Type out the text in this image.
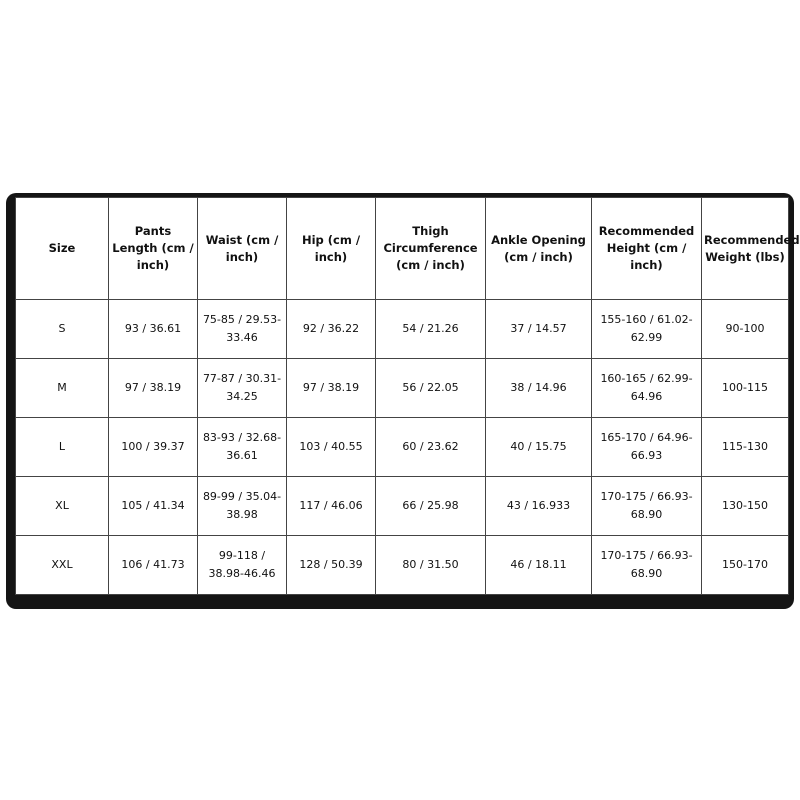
Size	Pants Length (cm / inch)	Waist (cm / inch)	Hip (cm / inch)	Thigh Circumference (cm / inch)	Ankle Opening (cm / inch)	Recommended Height (cm / inch)	Recommended Weight (lbs)
S	93 / 36.61	75-85 / 29.53-33.46	92 / 36.22	54 / 21.26	37 / 14.57	155-160 / 61.02-62.99	90-100
M	97 / 38.19	77-87 / 30.31-34.25	97 / 38.19	56 / 22.05	38 / 14.96	160-165 / 62.99-64.96	100-115
L	100 / 39.37	83-93 / 32.68-36.61	103 / 40.55	60 / 23.62	40 / 15.75	165-170 / 64.96-66.93	115-130
XL	105 / 41.34	89-99 / 35.04-38.98	117 / 46.06	66 / 25.98	43 / 16.933	170-175 / 66.93-68.90	130-150
XXL	106 / 41.73	99-118 / 38.98-46.46	128 / 50.39	80 / 31.50	46 / 18.11	170-175 / 66.93-68.90	150-170
